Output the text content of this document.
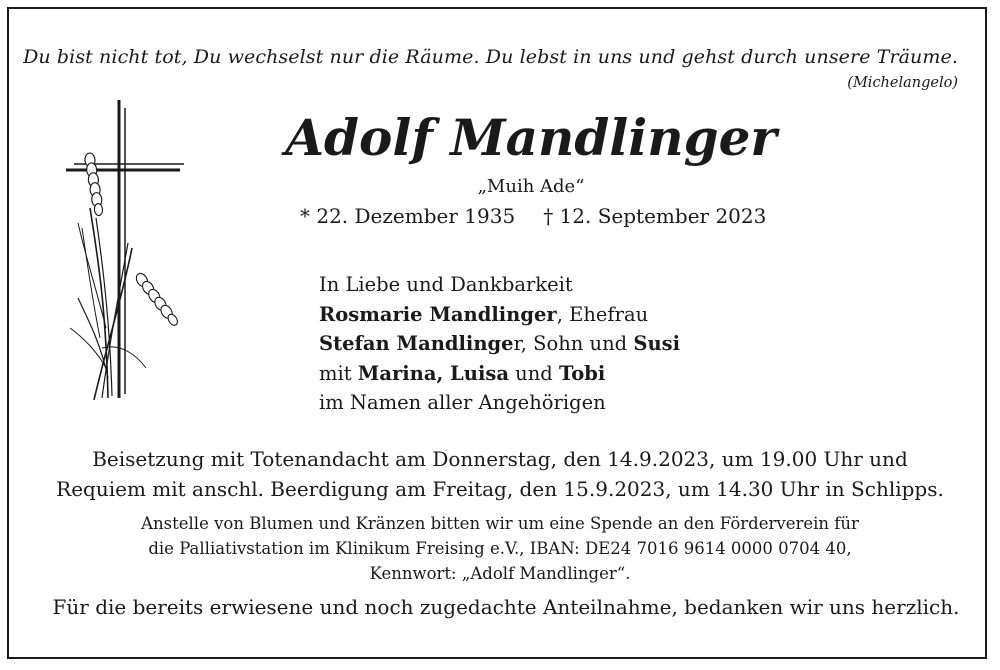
Du bist nicht tot, Du wechselst nur die Räume. Du lebst in uns und gehst durch unsere Träume.
(Michelangelo)
Adolf Mandlinger
„Muih Ade“
* 22. Dezember 1935 † 12. September 2023
In Liebe und Dankbarkeit
Rosmarie Mandlinger, Ehefrau
Stefan Mandlinger, Sohn und Susi
mit Marina, Luisa und Tobi
im Namen aller Angehörigen
Beisetzung mit Totenandacht am Donnerstag, den 14.9.2023, um 19.00 Uhr und
Requiem mit anschl. Beerdigung am Freitag, den 15.9.2023, um 14.30 Uhr in Schlipps.
Anstelle von Blumen und Kränzen bitten wir um eine Spende an den Förderverein für
die Palliativstation im Klinikum Freising e.V., IBAN: DE24 7016 9614 0000 0704 40,
Kennwort: „Adolf Mandlinger“.
Für die bereits erwiesene und noch zugedachte Anteilnahme, bedanken wir uns herzlich.
